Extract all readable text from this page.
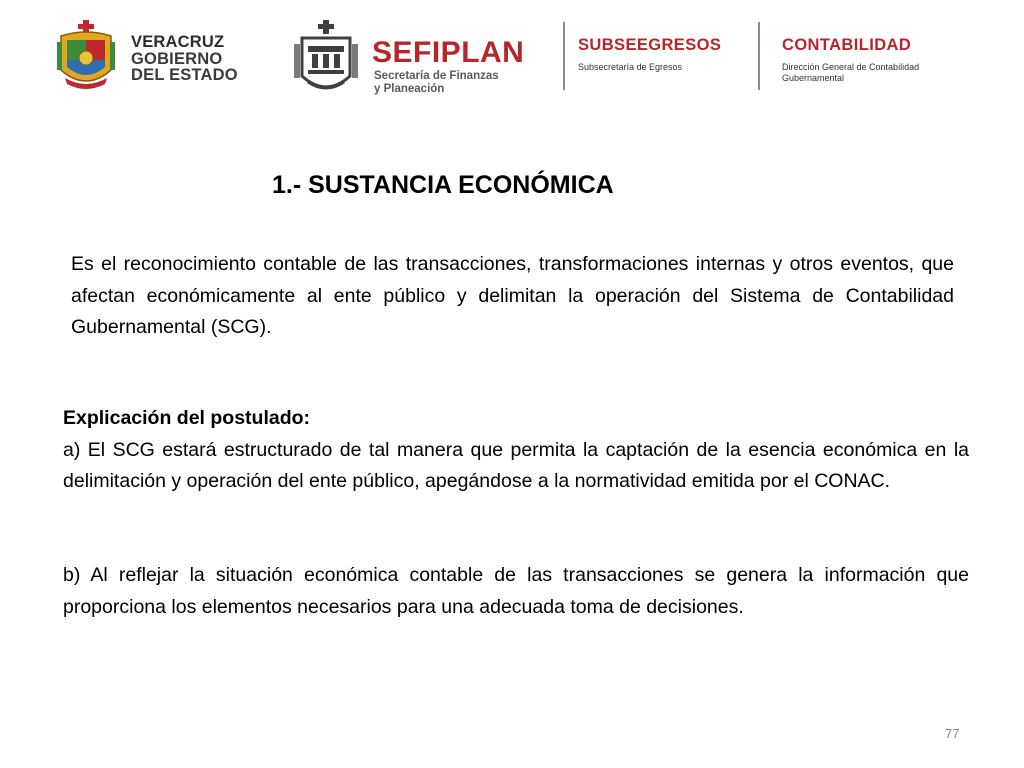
VERACRUZ
GOBIERNO
DEL ESTADO
SEFIPLAN
Secretaría de Finanzas
y Planeación
SUBSEEGRESOS
Subsecretaría de Egresos
CONTABILIDAD
Dirección General de Contabilidad
Gubernamental
1.- SUSTANCIA ECONÓMICA

Es el reconocimiento contable de las transacciones, transformaciones internas y otros eventos, que afectan económicamente al ente público y delimitan la operación del Sistema de Contabilidad Gubernamental (SCG).

Explicación del postulado:
a) El SCG estará estructurado de tal manera que permita la captación de la esencia económica en la delimitación y operación del ente público, apegándose a la normatividad emitida por el CONAC.

b) Al reflejar la situación económica contable de las transacciones se genera la información que proporciona los elementos necesarios para una adecuada toma de decisiones.

77
